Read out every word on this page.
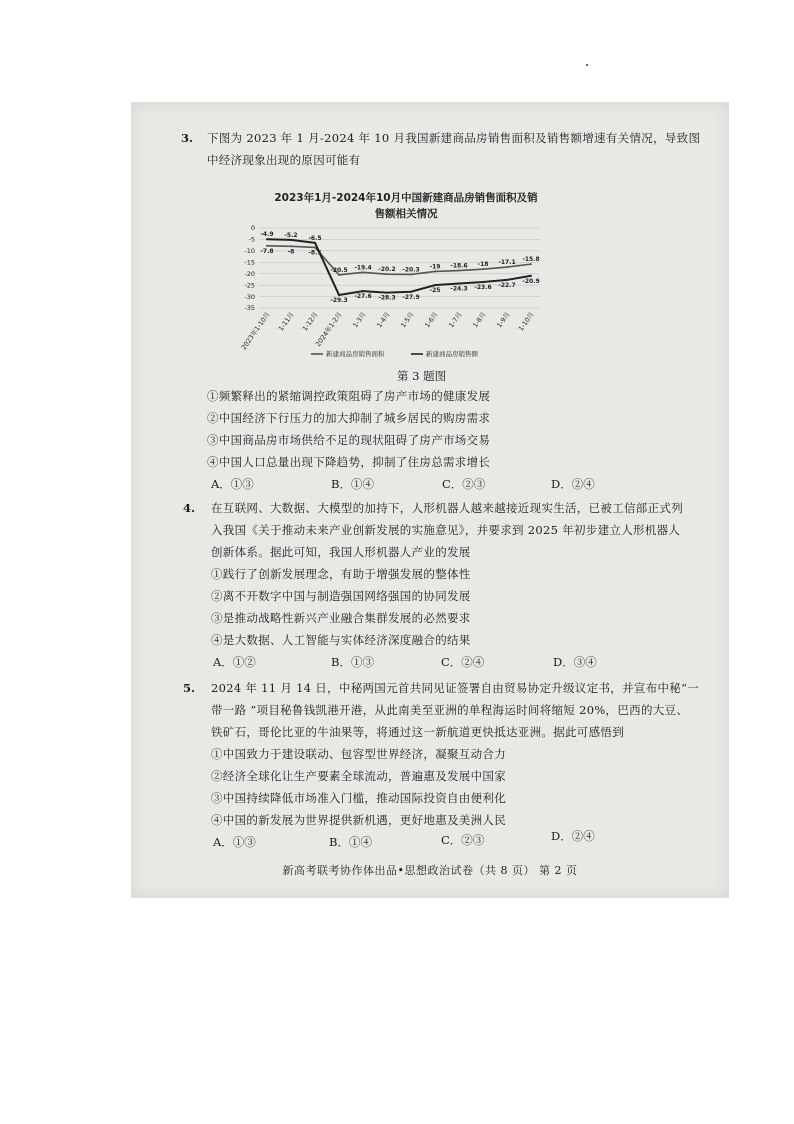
3. 下图为 2023 年 1 月-2024 年 10 月我国新建商品房销售面积及销售额增速有关情况，导致图
中经济现象出现的原因可能有
2023年1月-2024年10月中国新建商品房销售面积及销
售额相关情况
0
-5
-10
-15
-20
-25
-30
-35
2023年1-10月 1-11月 1-12月
2024年1-2月 1-3月 1-4月 1-5月 1-6月 1-7月 1-8月 1-9月 1-10月
-7.8 -8 -8.5
-20.5 -19.4 -20.2 -20.3 -19 -18.6 -18 -17.1 -15.8
-4.9 -5.2 -6.5
-29.3
-27.6 -28.3 -27.9
-25 -24.3 -23.6 -22.7
-20.9
新建商品房销售面积	新建商品房销售额
第 3 题图
①频繁释出的紧缩调控政策阻碍了房产市场的健康发展
②中国经济下行压力的加大抑制了城乡居民的购房需求
③中国商品房市场供给不足的现状阻碍了房产市场交易
④中国人口总量出现下降趋势，抑制了住房总需求增长
A．①③	B．①④	C．②③	D．②④
4. 在互联网、大数据、大模型的加持下，人形机器人越来越接近现实生活，已被工信部正式列
入我国《关于推动未来产业创新发展的实施意见》，并要求到 2025 年初步建立人形机器人
创新体系。据此可知，我国人形机器人产业的发展
①践行了创新发展理念，有助于增强发展的整体性
②离不开数字中国与制造强国网络强国的协同发展
③是推动战略性新兴产业融合集群发展的必然要求
④是大数据、人工智能与实体经济深度融合的结果
A．①②	B．①③	C．②④	D．③④
5. 2024 年 11 月 14 日，中秘两国元首共同见证签署自由贸易协定升级议定书，并宣布中秘“一
带一路 ”项目秘鲁钱凯港开港，从此南美至亚洲的单程海运时间将缩短 20%，巴西的大豆、
铁矿石，哥伦比亚的牛油果等，将通过这一新航道更快抵达亚洲。据此可感悟到
①中国致力于建设联动、包容型世界经济，凝聚互动合力
②经济全球化让生产要素全球流动，普遍惠及发展中国家
③中国持续降低市场准入门槛，推动国际投资自由便利化
④中国的新发展为世界提供新机遇，更好地惠及美洲人民
A．①③	B．①④	C．②③	D．②④
新高考联考协作体出品•思想政治试卷（共 8 页） 第 2 页
